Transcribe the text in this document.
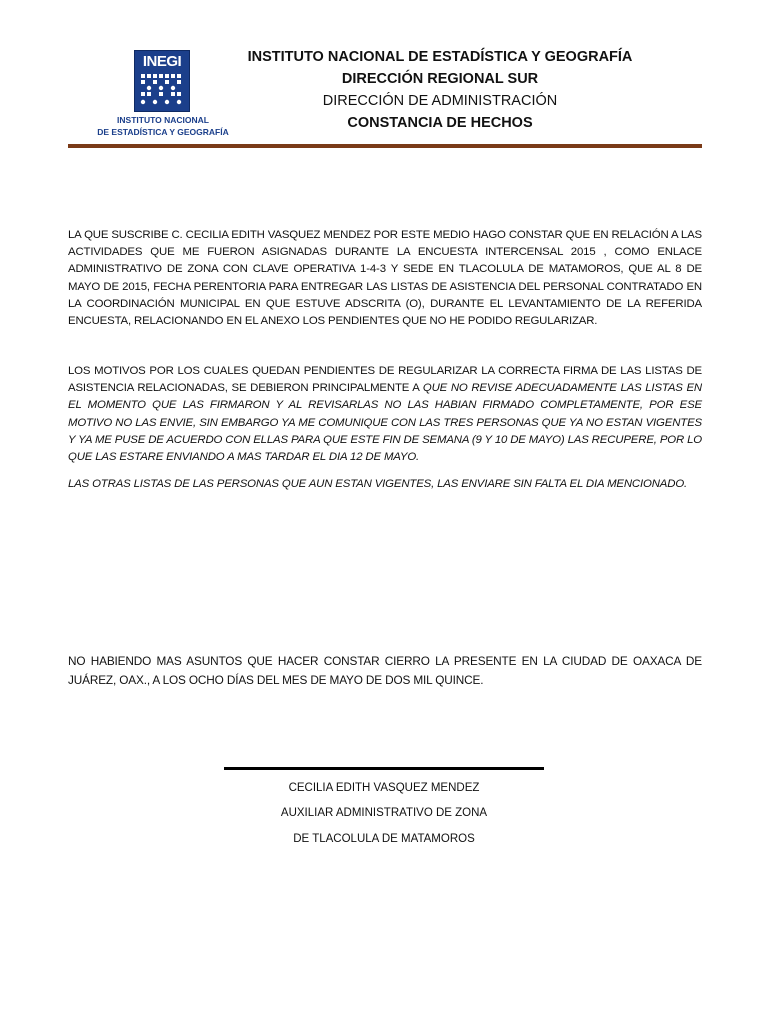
INEGI
INSTITUTO NACIONAL
DE ESTADÍSTICA Y GEOGRAFÍA
INSTITUTO NACIONAL DE ESTADÍSTICA Y GEOGRAFÍA
DIRECCIÓN REGIONAL SUR
DIRECCIÓN DE ADMINISTRACIÓN
CONSTANCIA DE HECHOS
LA QUE SUSCRIBE C. CECILIA EDITH VASQUEZ MENDEZ POR ESTE MEDIO HAGO CONSTAR QUE EN RELACIÓN A LAS ACTIVIDADES QUE ME FUERON ASIGNADAS DURANTE LA ENCUESTA INTERCENSAL 2015 , COMO ENLACE ADMINISTRATIVO DE ZONA CON CLAVE OPERATIVA 1-4-3 Y SEDE EN TLACOLULA DE MATAMOROS, QUE AL 8 DE MAYO DE 2015, FECHA PERENTORIA PARA ENTREGAR LAS LISTAS DE ASISTENCIA DEL PERSONAL CONTRATADO EN LA COORDINACIÓN MUNICIPAL EN QUE ESTUVE ADSCRITA (O), DURANTE EL LEVANTAMIENTO DE LA REFERIDA ENCUESTA, RELACIONANDO EN EL ANEXO LOS PENDIENTES QUE NO HE PODIDO REGULARIZAR.
LOS MOTIVOS POR LOS CUALES QUEDAN PENDIENTES DE REGULARIZAR LA CORRECTA FIRMA DE LAS LISTAS DE ASISTENCIA RELACIONADAS, SE DEBIERON PRINCIPALMENTE A QUE NO REVISE ADECUADAMENTE LAS LISTAS EN EL MOMENTO QUE LAS FIRMARON Y AL REVISARLAS NO LAS HABIAN FIRMADO COMPLETAMENTE, POR ESE MOTIVO NO LAS ENVIE, SIN EMBARGO YA ME COMUNIQUE CON LAS TRES PERSONAS QUE YA NO ESTAN VIGENTES Y YA ME PUSE DE ACUERDO CON ELLAS PARA QUE ESTE FIN DE SEMANA (9 Y 10 DE MAYO) LAS RECUPERE, POR LO QUE LAS ESTARE ENVIANDO A MAS TARDAR EL DIA 12 DE MAYO.
LAS OTRAS LISTAS DE LAS PERSONAS QUE AUN ESTAN VIGENTES, LAS ENVIARE SIN FALTA EL DIA MENCIONADO.
NO HABIENDO MAS ASUNTOS QUE HACER CONSTAR CIERRO LA PRESENTE EN LA CIUDAD DE OAXACA DE JUÁREZ, OAX., A LOS OCHO DÍAS DEL MES DE MAYO DE DOS MIL QUINCE.
CECILIA EDITH VASQUEZ MENDEZ
AUXILIAR ADMINISTRATIVO DE ZONA
DE TLACOLULA DE MATAMOROS
